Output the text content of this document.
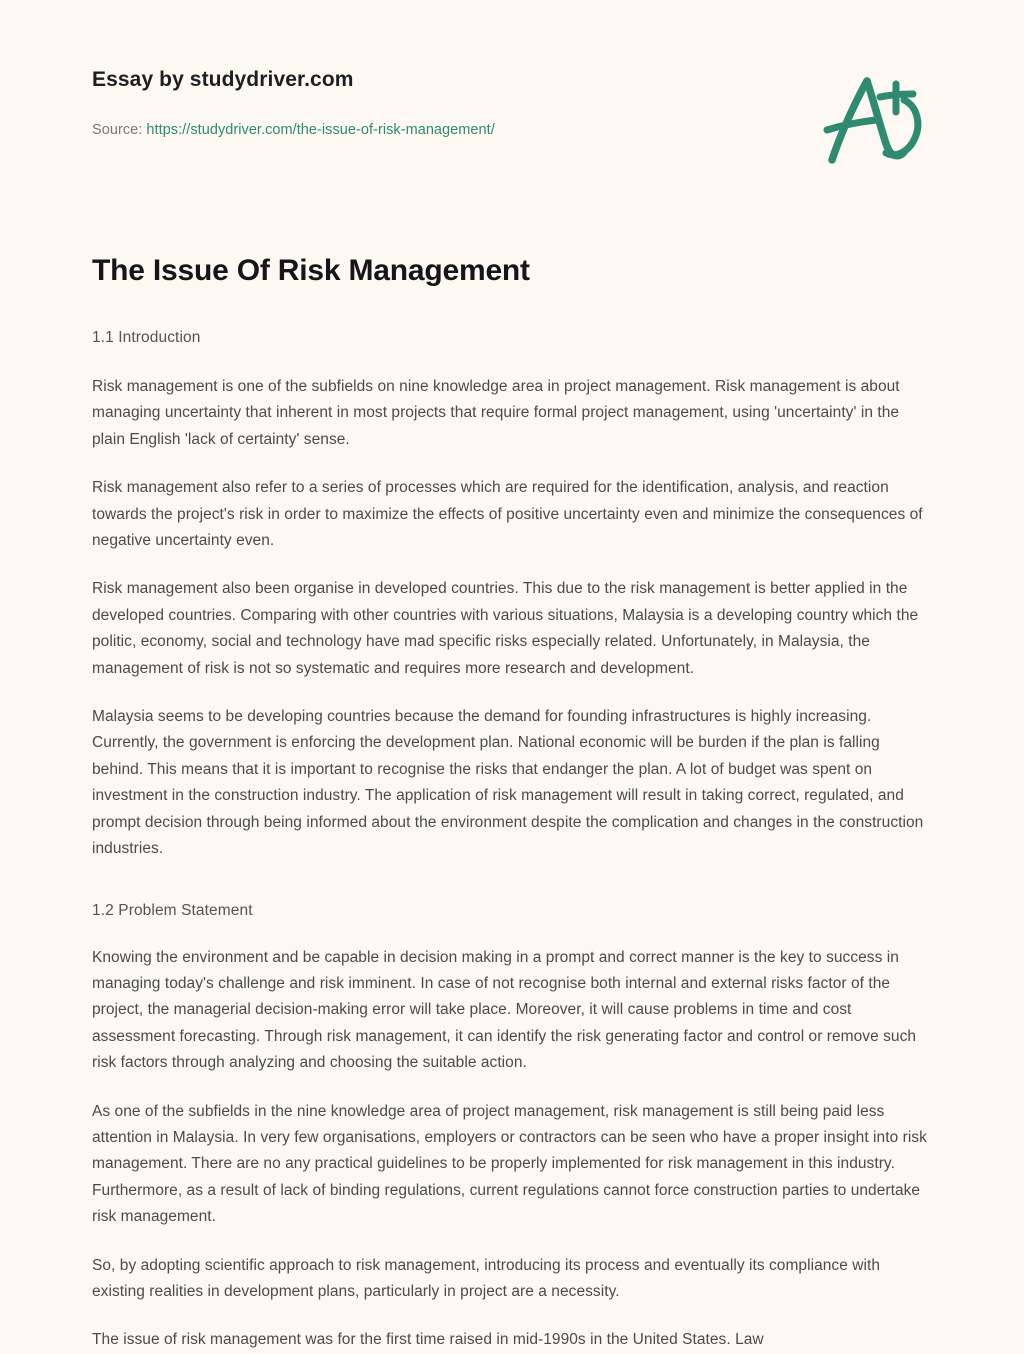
Essay by studydriver.com
Source: https://studydriver.com/the-issue-of-risk-management/
The Issue Of Risk Management
1.1 Introduction

Risk management is one of the subfields on nine knowledge area in project management. Risk management is about managing uncertainty that inherent in most projects that require formal project management, using 'uncertainty' in the plain English 'lack of certainty' sense.

Risk management also refer to a series of processes which are required for the identification, analysis, and reaction towards the project's risk in order to maximize the effects of positive uncertainty even and minimize the consequences of negative uncertainty even.

Risk management also been organise in developed countries. This due to the risk management is better applied in the developed countries. Comparing with other countries with various situations, Malaysia is a developing country which the politic, economy, social and technology have mad specific risks especially related. Unfortunately, in Malaysia, the management of risk is not so systematic and requires more research and development.

Malaysia seems to be developing countries because the demand for founding infrastructures is highly increasing. Currently, the government is enforcing the development plan. National economic will be burden if the plan is falling behind. This means that it is important to recognise the risks that endanger the plan. A lot of budget was spent on investment in the construction industry. The application of risk management will result in taking correct, regulated, and prompt decision through being informed about the environment despite the complication and changes in the construction industries.

1.2 Problem Statement

Knowing the environment and be capable in decision making in a prompt and correct manner is the key to success in managing today's challenge and risk imminent. In case of not recognise both internal and external risks factor of the project, the managerial decision-making error will take place. Moreover, it will cause problems in time and cost assessment forecasting. Through risk management, it can identify the risk generating factor and control or remove such risk factors through analyzing and choosing the suitable action.

As one of the subfields in the nine knowledge area of project management, risk management is still being paid less attention in Malaysia. In very few organisations, employers or contractors can be seen who have a proper insight into risk management. There are no any practical guidelines to be properly implemented for risk management in this industry. Furthermore, as a result of lack of binding regulations, current regulations cannot force construction parties to undertake risk management.

So, by adopting scientific approach to risk management, introducing its process and eventually its compliance with existing realities in development plans, particularly in project are a necessity.

The issue of risk management was for the first time raised in mid-1990s in the United States. Law
